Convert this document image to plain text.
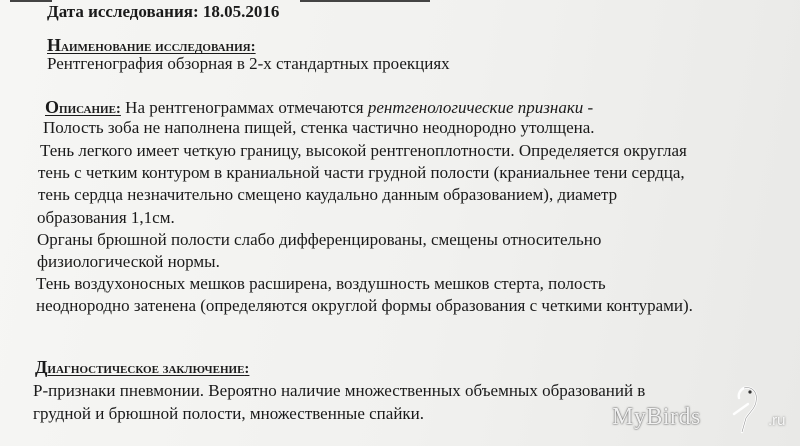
Дата исследования: 18.05.2016
Наименование исследования:
Рентгенография обзорная в 2-х стандартных проекциях
Описание: На рентгенограммах отмечаются рентгенологические признаки -
Полость зоба не наполнена пищей, стенка частично неоднородно утолщена.
Тень легкого имеет четкую границу, высокой рентгеноплотности. Определяется округлая
тень с четким контуром в краниальной части грудной полости (краниальнее тени сердца,
тень сердца незначительно смещено каудально данным образованием), диаметр
образования 1,1см.
Органы брюшной полости слабо дифференцированы, смещены относительно
физиологической нормы.
Тень воздухоносных мешков расширена, воздушность мешков стерта, полость
неоднородно затенена (определяются округлой формы образования с четкими контурами).
Диагностическое заключение:
Р-признаки пневмонии. Вероятно наличие множественных объемных образований в
грудной и брюшной полости, множественные спайки.	MyBirds	.ru
